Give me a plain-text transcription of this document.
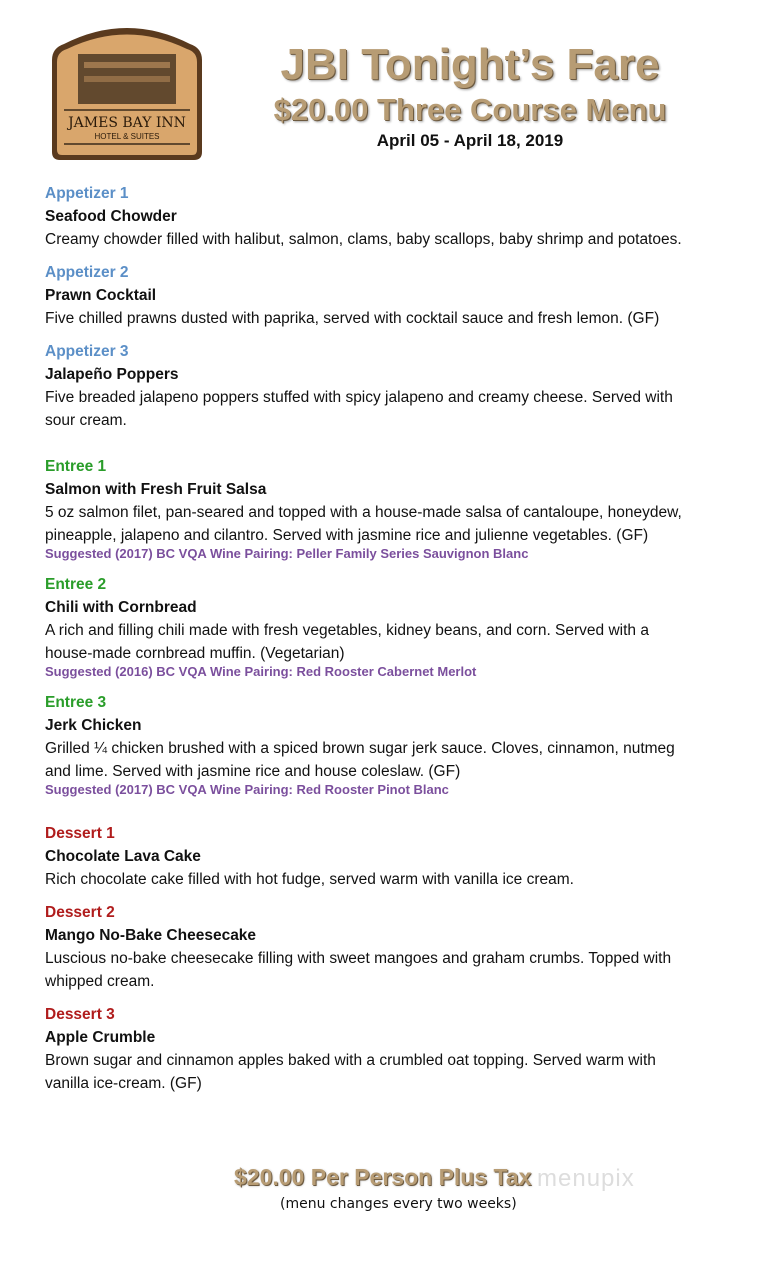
JAMES BAY INN
HOTEL & SUITES
JBI Tonight’s Fare
$20.00 Three Course Menu
April 05 - April 18, 2019
Appetizer 1
Seafood Chowder
Creamy chowder filled with halibut, salmon, clams, baby scallops, baby shrimp and potatoes.
Appetizer 2
Prawn Cocktail
Five chilled prawns dusted with paprika, served with cocktail sauce and fresh lemon. (GF)
Appetizer 3
Jalapeño Poppers
Five breaded jalapeno poppers stuffed with spicy jalapeno and creamy cheese. Served with
sour cream.
Entree 1
Salmon with Fresh Fruit Salsa
5 oz salmon filet, pan-seared and topped with a house-made salsa of cantaloupe, honeydew,
pineapple, jalapeno and cilantro. Served with jasmine rice and julienne vegetables. (GF)
Suggested (2017) BC VQA Wine Pairing: Peller Family Series Sauvignon Blanc
Entree 2
Chili with Cornbread
A rich and filling chili made with fresh vegetables, kidney beans, and corn. Served with a
house-made cornbread muffin. (Vegetarian)
Suggested (2016) BC VQA Wine Pairing: Red Rooster Cabernet Merlot
Entree 3
Jerk Chicken
Grilled ¼ chicken brushed with a spiced brown sugar jerk sauce. Cloves, cinnamon, nutmeg
and lime. Served with jasmine rice and house coleslaw. (GF)
Suggested (2017) BC VQA Wine Pairing: Red Rooster Pinot Blanc
Dessert 1
Chocolate Lava Cake
Rich chocolate cake filled with hot fudge, served warm with vanilla ice cream.
Dessert 2
Mango No-Bake Cheesecake
Luscious no-bake cheesecake filling with sweet mangoes and graham crumbs. Topped with
whipped cream.
Dessert 3
Apple Crumble
Brown sugar and cinnamon apples baked with a crumbled oat topping. Served warm with
vanilla ice-cream. (GF)
$20.00 Per Person Plus Tax menupix
(menu changes every two weeks)
